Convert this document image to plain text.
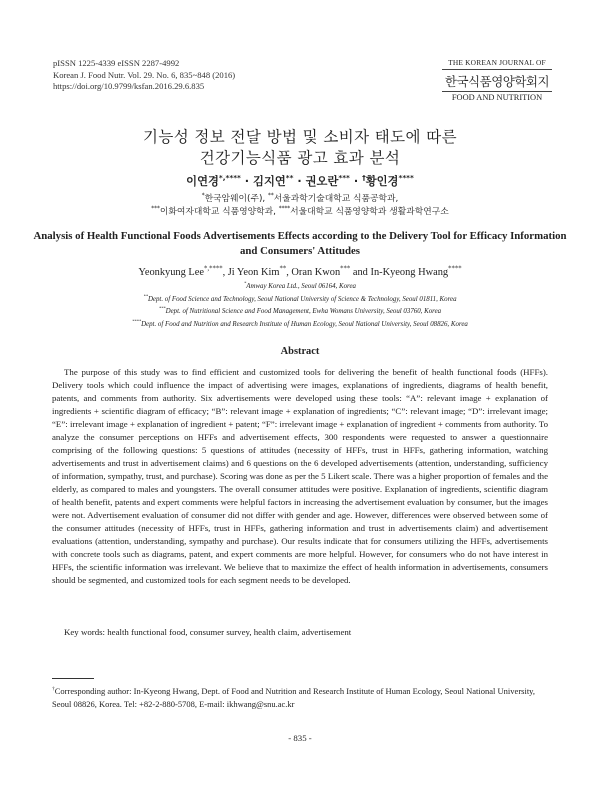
pISSN 1225-4339 eISSN 2287-4992
Korean J. Food Nutr. Vol. 29. No. 6, 835~848 (2016)
https://doi.org/10.9799/ksfan.2016.29.6.835
THE KOREAN JOURNAL OF
한국식품영양학회지
FOOD AND NUTRITION
기능성 정보 전달 방법 및 소비자 태도에 따른
건강기능식품 광고 효과 분석
이연경*,**** · 김지연** · 권오란*** · †황인경****
*한국암웨이(주), **서울과학기술대학교 식품공학과,
***이화여자대학교 식품영양학과, ****서울대학교 식품영양학과 생활과학연구소
Analysis of Health Functional Foods Advertisements Effects according to the Delivery Tool for Efficacy Information and Consumers' Attitudes
Yeonkyung Lee*,****, Ji Yeon Kim**, Oran Kwon*** and In-Kyeong Hwang****
*Amway Korea Ltd., Seoul 06164, Korea
**Dept. of Food Science and Technology, Seoul National University of Science & Technology, Seoul 01811, Korea
***Dept. of Nutritional Science and Food Management, Ewha Womans University, Seoul 03760, Korea
****Dept. of Food and Nutrition and Research Institute of Human Ecology, Seoul National University, Seoul 08826, Korea
Abstract
The purpose of this study was to find efficient and customized tools for delivering the benefit of health functional foods (HFFs). Delivery tools which could influence the impact of advertising were images, explanations of ingredients, diagrams of health benefit, patents, and comments from authority. Six advertisements were developed using these tools: “A”: relevant image + explanation of ingredients + scientific diagram of efficacy; “B”: relevant image + explanation of ingredients; “C”: relevant image; “D”: irrelevant image; “E”: irrelevant image + explanation of ingredient + patent; “F”: irrelevant image + explanation of ingredient + comments from authority. To analyze the consumer perceptions on HFFs and advertisement effects, 300 respondents were requested to answer a questionnaire comprising of the following questions: 5 questions of attitudes (necessity of HFFs, trust in HFFs, gathering information, watching advertisements and trust in advertisement claims) and 6 questions on the 6 developed advertisements (attention, understanding, sufficiency of information, sympathy, trust, and purchase). Scoring was done as per the 5 Likert scale. There was a higher proportion of females and the elderly, as compared to males and youngsters. The overall consumer attitudes were positive. Explanation of ingredients, scientific diagram of health benefit, patents and expert comments were helpful factors in increasing the advertisement evaluation by consumer, but the images were not. Advertisement evaluation of consumer did not differ with gender and age. However, differences were observed between some of the consumer attitudes (necessity of HFFs, trust in HFFs, gathering information and trust in advertisements claim) and advertisement evaluations (attention, understanding, sympathy and purchase). Our results indicate that for consumers utilizing the HFFs, advertisements with concrete tools such as diagrams, patent, and expert comments are more helpful. However, for consumers who do not have interest in HFFs, the scientific information was irrelevant. We believe that to maximize the effect of health information in advertisements, consumers should be segmented, and customized tools for each segment needs to be developed.
Key words: health functional food, consumer survey, health claim, advertisement
†Corresponding author: In-Kyeong Hwang, Dept. of Food and Nutrition and Research Institute of Human Ecology, Seoul National University, Seoul 08826, Korea. Tel: +82-2-880-5708, E-mail: ikhwang@snu.ac.kr
- 835 -
